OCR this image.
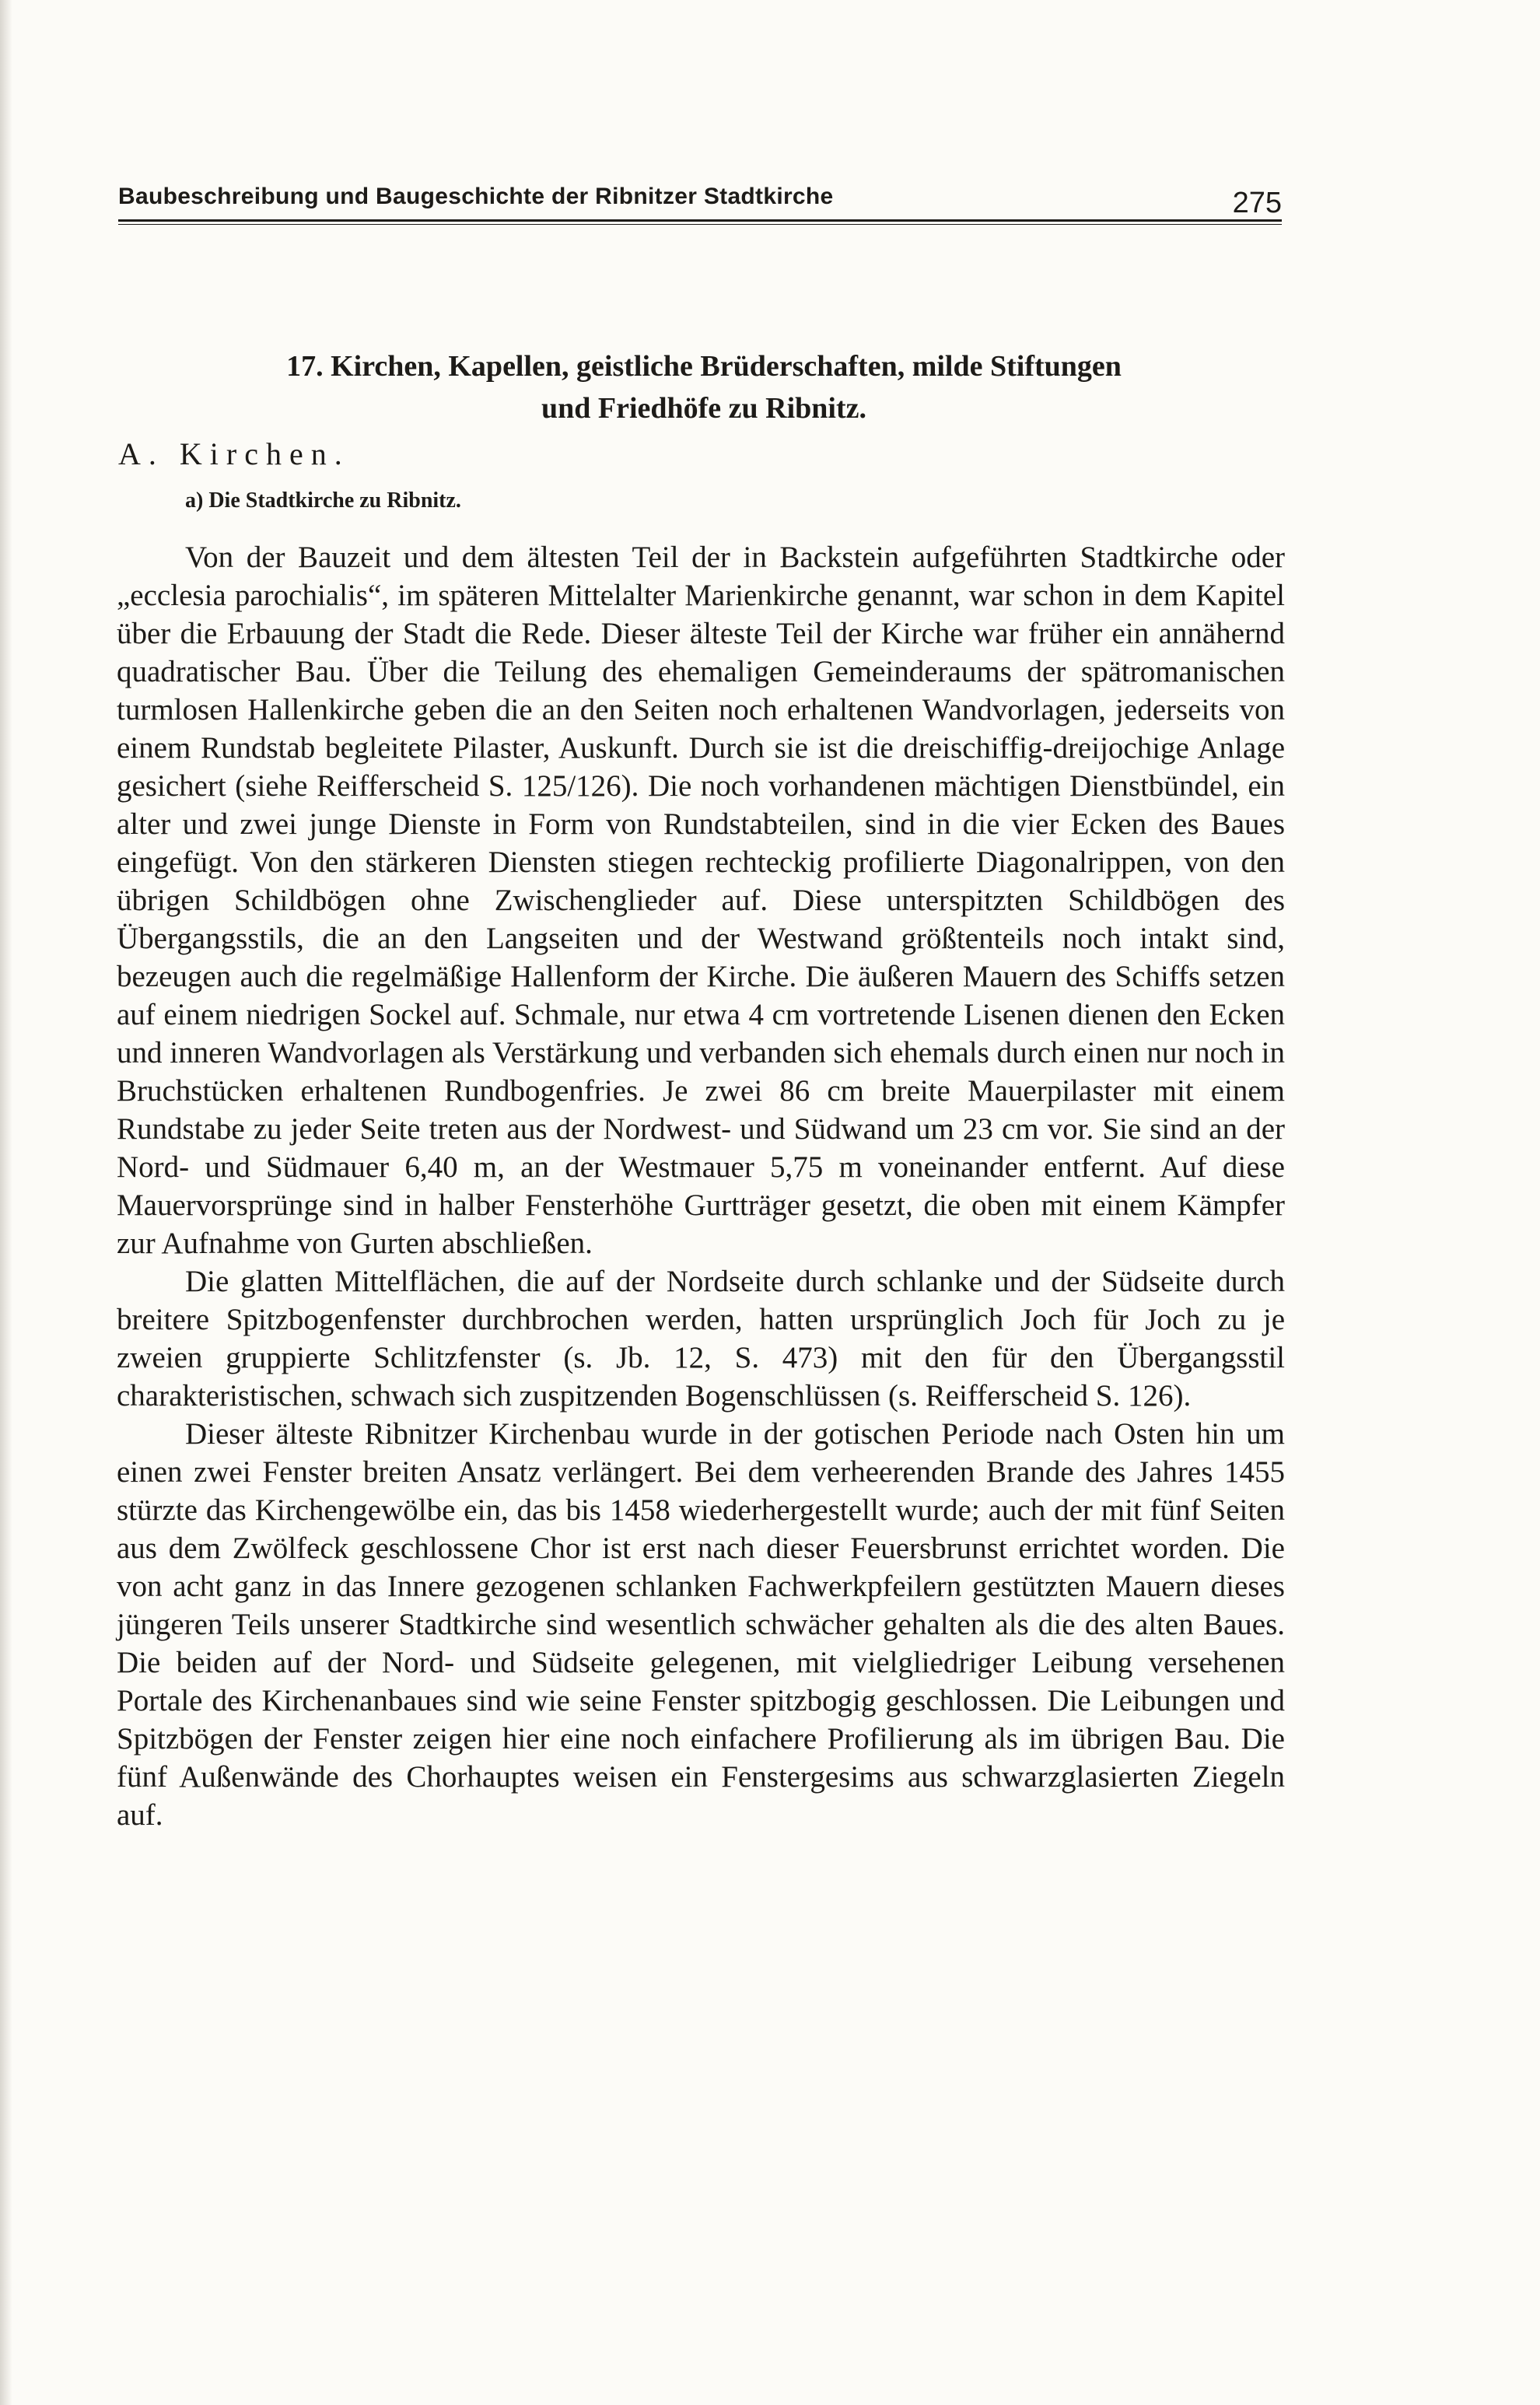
Baubeschreibung und Baugeschichte der Ribnitzer Stadtkirche	275
17. Kirchen, Kapellen, geistliche Brüderschaften, milde Stiftungen
und Friedhöfe zu Ribnitz.
A. Kirchen.
a) Die Stadtkirche zu Ribnitz.

Von der Bauzeit und dem ältesten Teil der in Backstein aufgeführten Stadtkirche oder „ecclesia parochialis“, im späteren Mittelalter Marienkirche genannt, war schon in dem Kapitel über die Erbauung der Stadt die Rede. Dieser älteste Teil der Kirche war früher ein annähernd quadratischer Bau. Über die Teilung des ehemaligen Gemeinderaums der spätromanischen turmlosen Hallenkirche geben die an den Seiten noch erhaltenen Wandvorlagen, jederseits von einem Rundstab begleitete Pilaster, Auskunft. Durch sie ist die dreischiffig-dreijochige Anlage gesichert (siehe Reifferscheid S. 125/126). Die noch vorhandenen mächtigen Dienstbündel, ein alter und zwei junge Dienste in Form von Rundstabteilen, sind in die vier Ecken des Baues eingefügt. Von den stärkeren Diensten stiegen rechteckig profilierte Diagonalrippen, von den übrigen Schildbögen ohne Zwischenglieder auf. Diese unterspitzten Schildbögen des Übergangsstils, die an den Langseiten und der Westwand größtenteils noch intakt sind, bezeugen auch die regelmäßige Hallenform der Kirche. Die äußeren Mauern des Schiffs setzen auf einem niedrigen Sockel auf. Schmale, nur etwa 4 cm vortretende Lisenen dienen den Ecken und inneren Wandvorlagen als Verstärkung und verbanden sich ehemals durch einen nur noch in Bruchstücken erhaltenen Rundbogenfries. Je zwei 86 cm breite Mauerpilaster mit einem Rundstabe zu jeder Seite treten aus der Nordwest- und Südwand um 23 cm vor. Sie sind an der Nord- und Südmauer 6,40 m, an der Westmauer 5,75 m voneinander entfernt. Auf diese Mauervorsprünge sind in halber Fensterhöhe Gurtträger gesetzt, die oben mit einem Kämpfer zur Aufnahme von Gurten abschließen.

Die glatten Mittelflächen, die auf der Nordseite durch schlanke und der Südseite durch breitere Spitzbogenfenster durchbrochen werden, hatten ursprünglich Joch für Joch zu je zweien gruppierte Schlitzfenster (s. Jb. 12, S. 473) mit den für den Übergangsstil charakteristischen, schwach sich zuspitzenden Bogenschlüssen (s. Reifferscheid S. 126).

Dieser älteste Ribnitzer Kirchenbau wurde in der gotischen Periode nach Osten hin um einen zwei Fenster breiten Ansatz verlängert. Bei dem verheerenden Brande des Jahres 1455 stürzte das Kirchengewölbe ein, das bis 1458 wiederhergestellt wurde; auch der mit fünf Seiten aus dem Zwölfeck geschlossene Chor ist erst nach dieser Feuersbrunst errichtet worden. Die von acht ganz in das Innere gezogenen schlanken Fachwerkpfeilern gestützten Mauern dieses jüngeren Teils unserer Stadtkirche sind wesentlich schwächer gehalten als die des alten Baues. Die beiden auf der Nord- und Südseite gelegenen, mit vielgliedriger Leibung versehenen Portale des Kirchenanbaues sind wie seine Fenster spitzbogig geschlossen. Die Leibungen und Spitzbögen der Fenster zeigen hier eine noch einfachere Profilierung als im übrigen Bau. Die fünf Außenwände des Chorhauptes weisen ein Fenstergesims aus schwarzglasierten Ziegeln auf.
